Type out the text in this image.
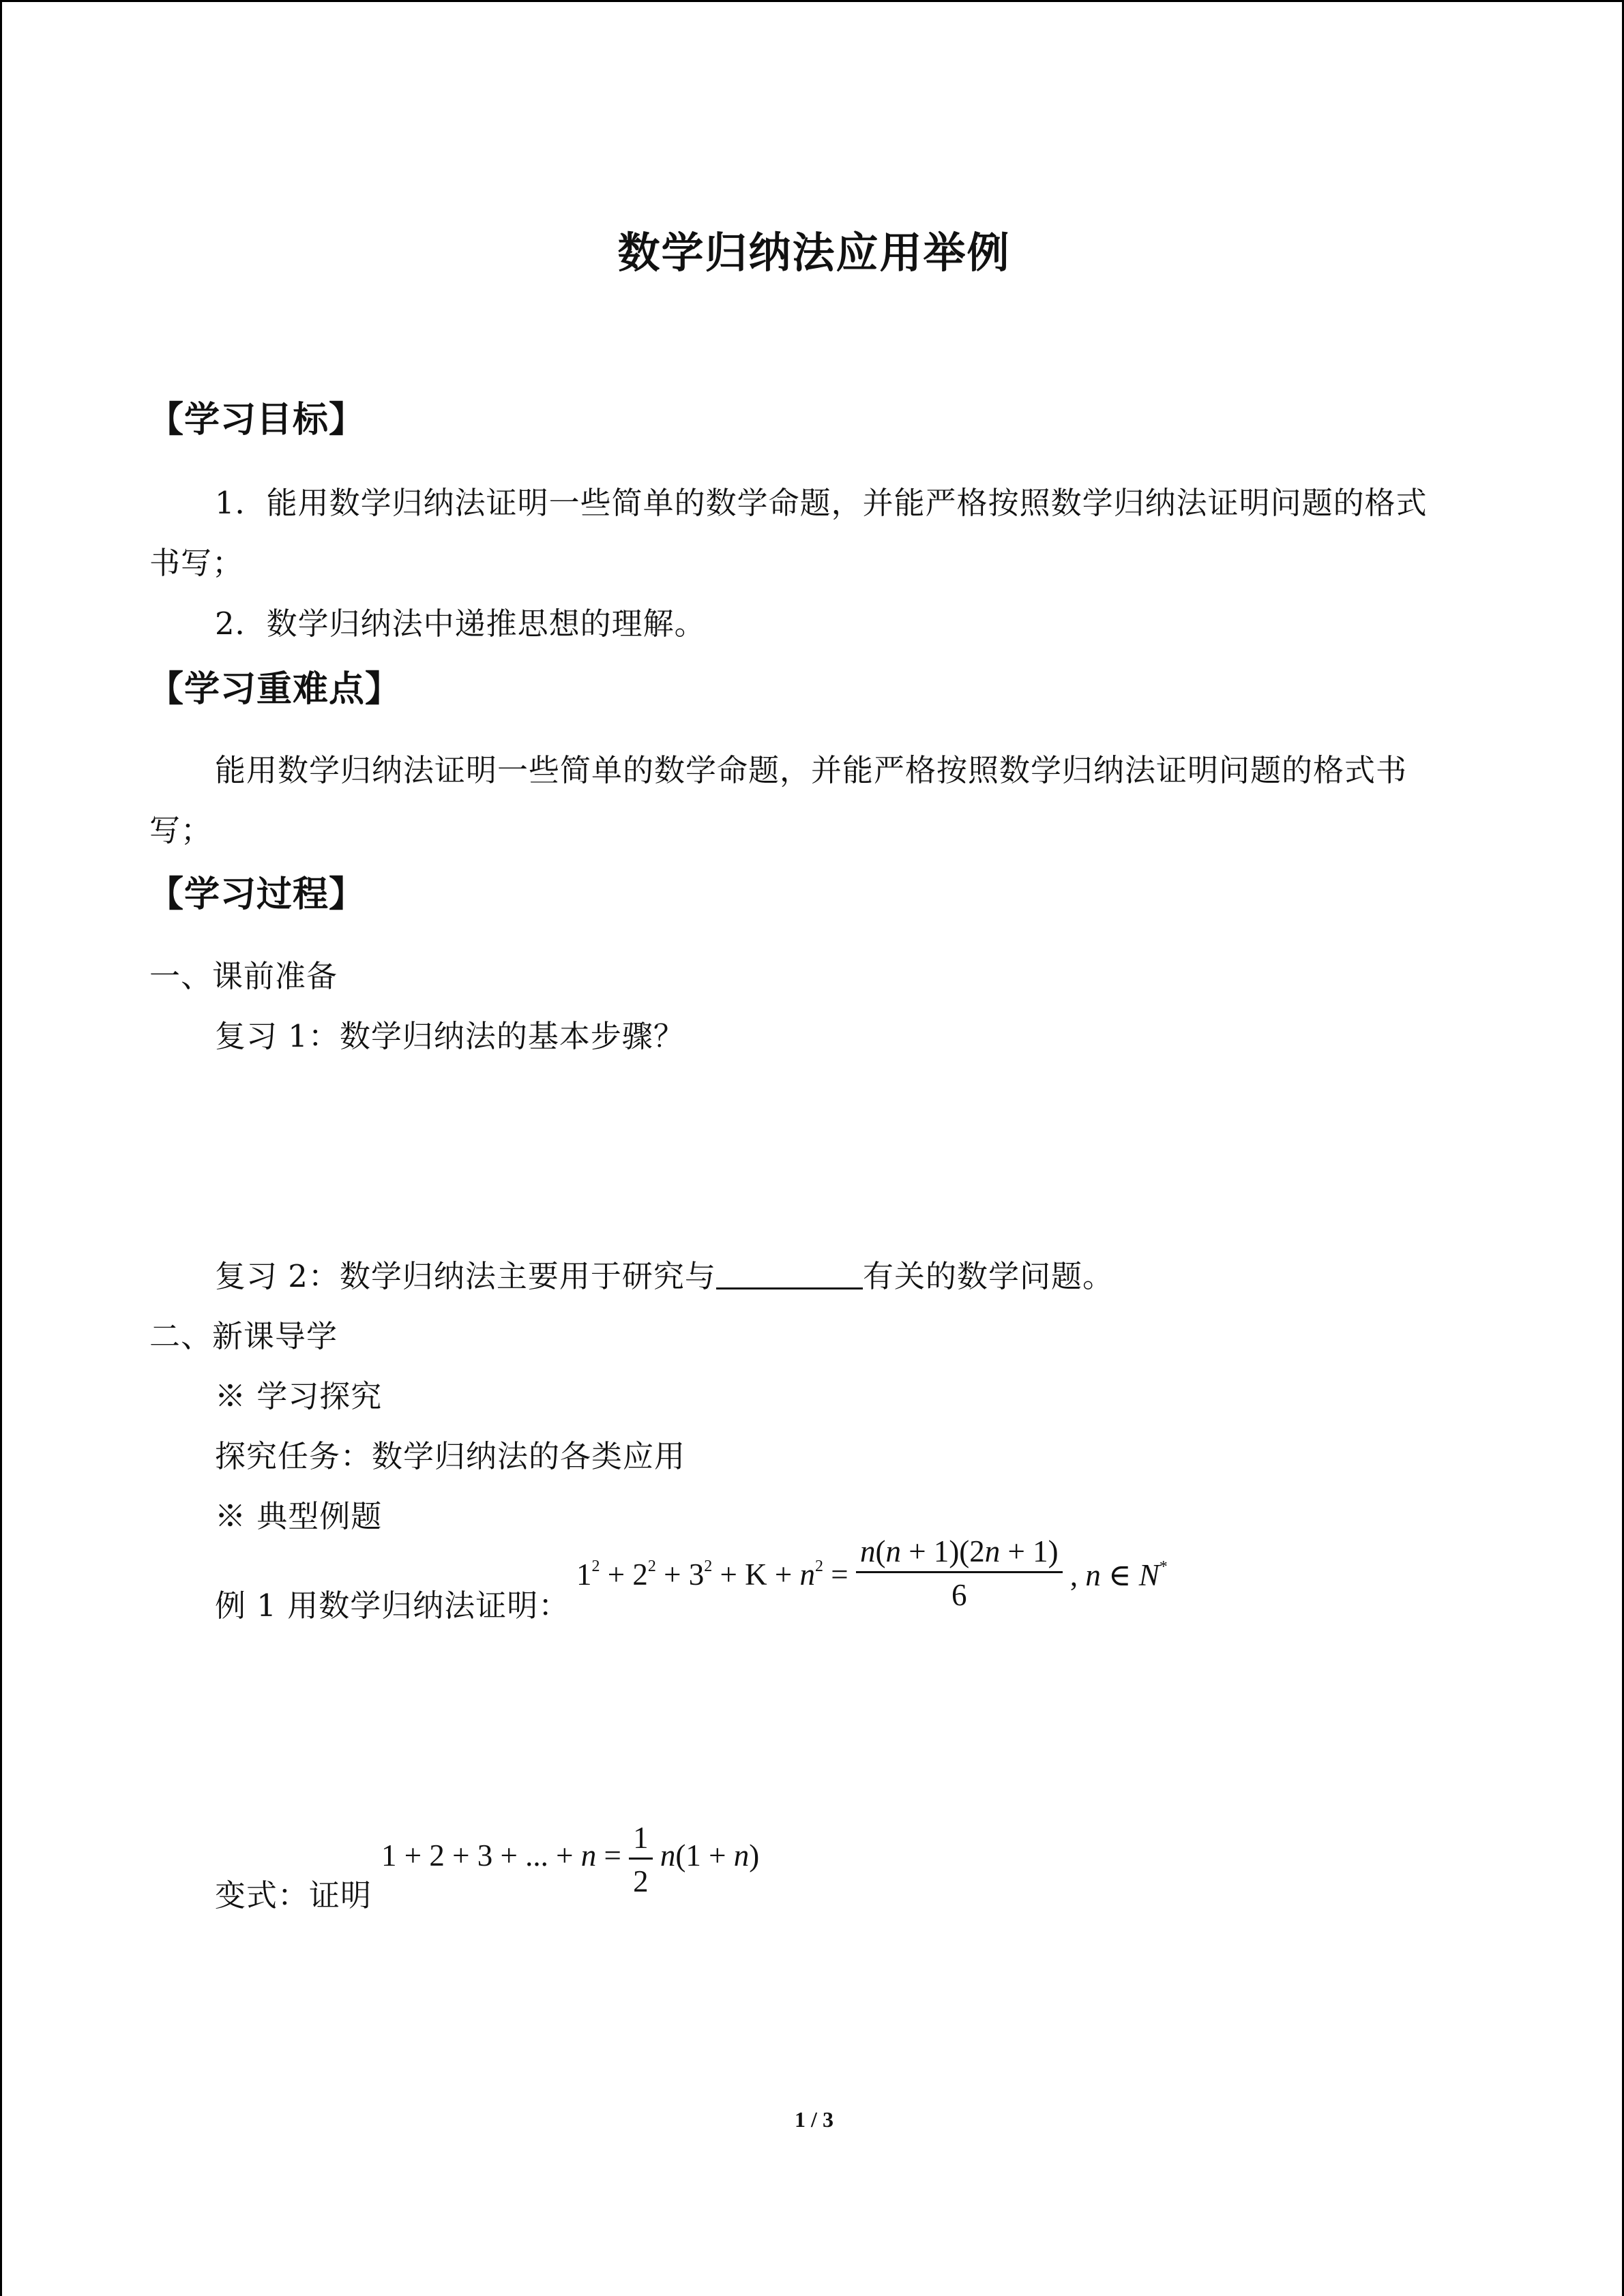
数学归纳法应用举例
【学习目标】
1．能用数学归纳法证明一些简单的数学命题，并能严格按照数学归纳法证明问题的格式
书写；
2．数学归纳法中递推思想的理解。
【学习重难点】
能用数学归纳法证明一些简单的数学命题，并能严格按照数学归纳法证明问题的格式书
写；
【学习过程】
一、课前准备
复习 1：数学归纳法的基本步骤？
复习 2：数学归纳法主要用于研究与	有关的数学问题。
二、新课导学
※ 学习探究
探究任务：数学归纳法的各类应用
※ 典型例题
例 1 用数学归纳法证明：
$1^2 + 2^2 + 3^2 + K + n^2 = \frac{n(n + 1)(2n + 1)}{6}$ , n ∈ N*
变式：证明
1 + 2 + 3 + ... + $n = \frac{1}{2} n(1 + n)$
1 / 3
